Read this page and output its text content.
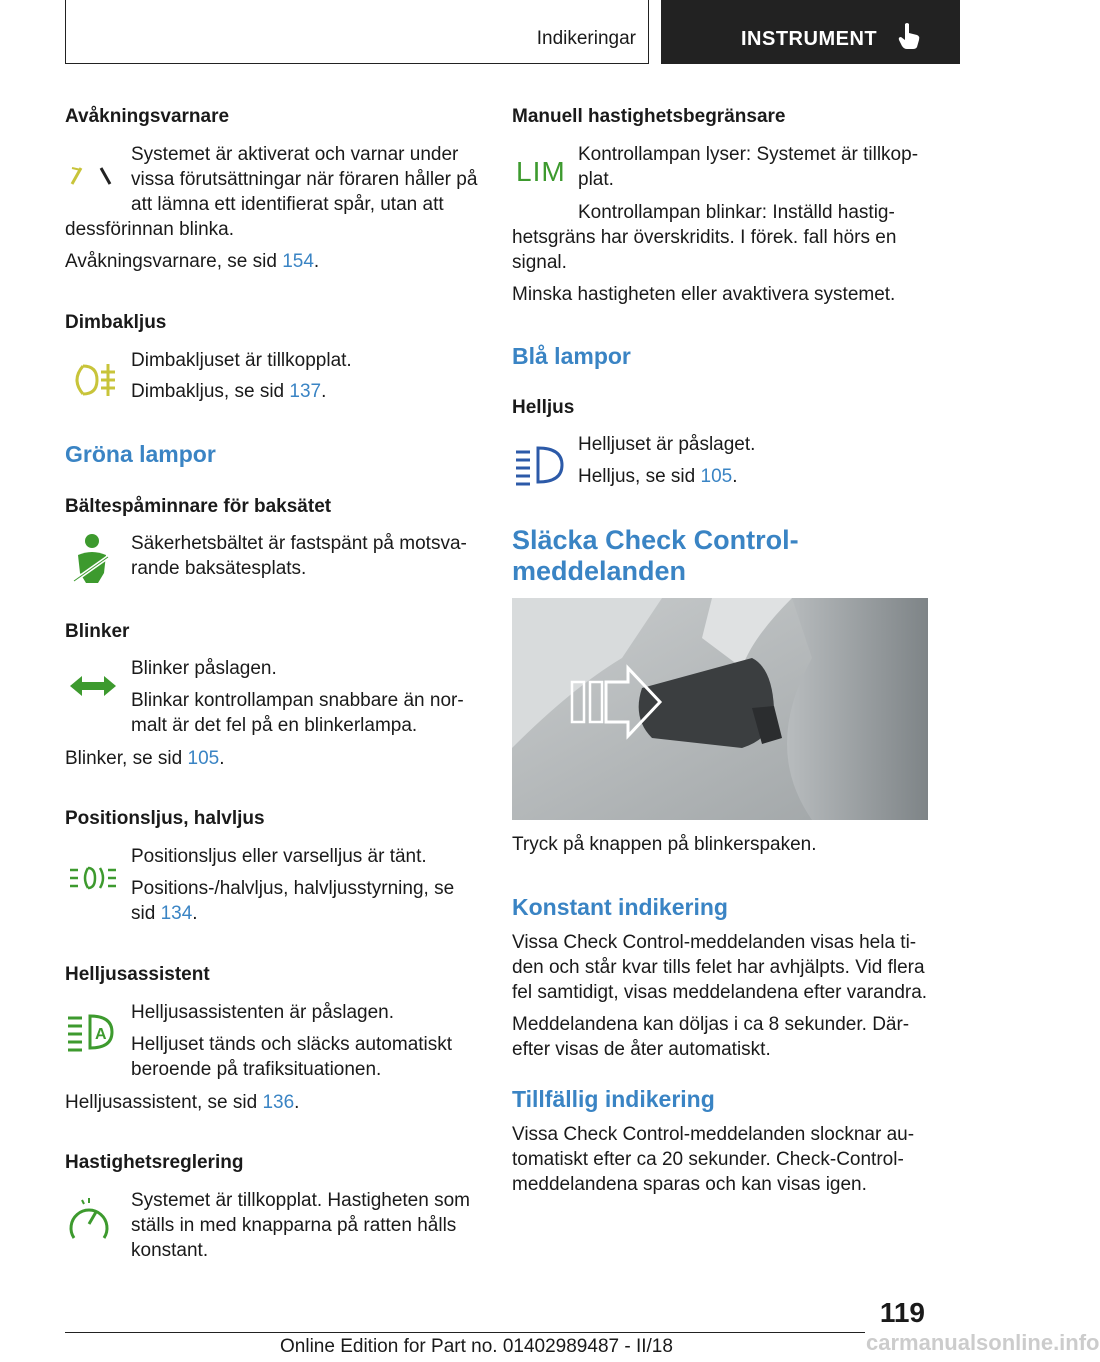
Indikeringar	INSTRUMENT
Avåkningsvarnare
Systemet är aktiverat och varnar under
vissa förutsättningar när föraren håller på
att lämna ett identifierat spår, utan att
dessförinnan blinka.
Avåkningsvarnare, se sid 154.
Dimbakljus
Dimbakljuset är tillkopplat.
Dimbakljus, se sid 137.
Gröna lampor
Bältespåminnare för baksätet
Säkerhetsbältet är fastspänt på motsva-
rande baksätesplats.
Blinker
Blinker påslagen.
Blinkar kontrollampan snabbare än nor-
malt är det fel på en blinkerlampa.
Blinker, se sid 105.
Positionsljus, halvljus
Positionsljus eller varselljus är tänt.
Positions-/halvljus, halvljusstyrning, se
sid 134.
Helljusassistent
A
Helljusassistenten är påslagen.
Helljuset tänds och släcks automatiskt
beroende på trafiksituationen.
Helljusassistent, se sid 136.
Hastighetsreglering
Systemet är tillkopplat. Hastigheten som
ställs in med knapparna på ratten hålls
konstant.
Manuell hastighetsbegränsare
LIM
Kontrollampan lyser: Systemet är tillkop-
plat.
Kontrollampan blinkar: Inställd hastig-
hetsgräns har överskridits. I förek. fall hörs en
signal.
Minska hastigheten eller avaktivera systemet.
Blå lampor
Helljus
Helljuset är påslaget.
Helljus, se sid 105.
Släcka Check Control-
meddelanden
Tryck på knappen på blinkerspaken.
Konstant indikering
Vissa Check Control-meddelanden visas hela ti-
den och står kvar tills felet har avhjälpts. Vid flera
fel samtidigt, visas meddelandena efter varandra.
Meddelandena kan döljas i ca 8 sekunder. Där-
efter visas de åter automatiskt.
Tillfällig indikering
Vissa Check Control-meddelanden slocknar au-
tomatiskt efter ca 20 sekunder. Check-Control-
meddelandena sparas och kan visas igen.
119
Online Edition for Part no. 01402989487 - II/18	carmanualsonline.info
